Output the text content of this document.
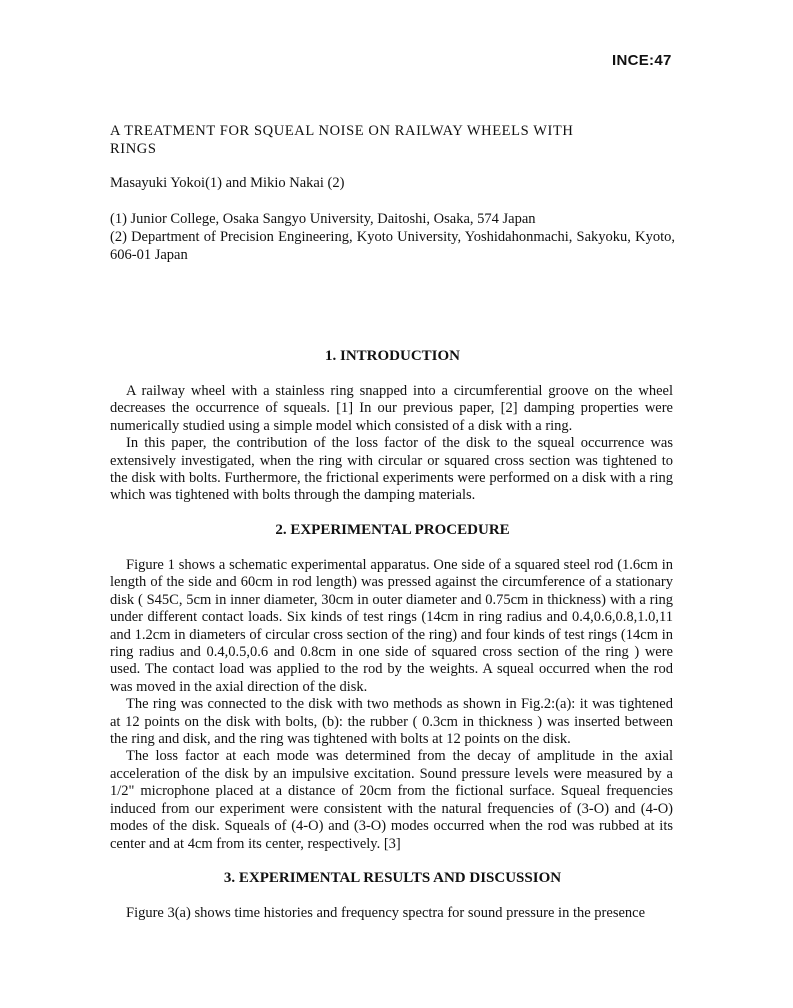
INCE:47
A TREATMENT FOR SQUEAL NOISE ON RAILWAY WHEELS WITH RINGS
Masayuki Yokoi(1) and Mikio Nakai (2)
(1) Junior College, Osaka Sangyo University, Daitoshi, Osaka, 574 Japan
(2) Department of Precision Engineering, Kyoto University, Yoshidahonmachi, Sakyoku, Kyoto, 606-01 Japan
1. INTRODUCTION

A railway wheel with a stainless ring snapped into a circumferential groove on the wheel decreases the occurrence of squeals. [1] In our previous paper, [2] damping properties were numerically studied using a simple model which consisted of a disk with a ring.

In this paper, the contribution of the loss factor of the disk to the squeal occurrence was extensively investigated, when the ring with circular or squared cross section was tightened to the disk with bolts. Furthermore, the frictional experiments were performed on a disk with a ring which was tightened with bolts through the damping materials.

2. EXPERIMENTAL PROCEDURE

Figure 1 shows a schematic experimental apparatus. One side of a squared steel rod (1.6cm in length of the side and 60cm in rod length) was pressed against the circumference of a stationary disk ( S45C, 5cm in inner diameter, 30cm in outer diameter and 0.75cm in thickness) with a ring under different contact loads. Six kinds of test rings (14cm in ring radius and 0.4,0.6,0.8,1.0,11 and 1.2cm in diameters of circular cross section of the ring) and four kinds of test rings (14cm in ring radius and 0.4,0.5,0.6 and 0.8cm in one side of squared cross section of the ring ) were used. The contact load was applied to the rod by the weights. A squeal occurred when the rod was moved in the axial direction of the disk.

The ring was connected to the disk with two methods as shown in Fig.2:(a): it was tightened at 12 points on the disk with bolts, (b): the rubber ( 0.3cm in thickness ) was inserted between the ring and disk, and the ring was tightened with bolts at 12 points on the disk.

The loss factor at each mode was determined from the decay of amplitude in the axial acceleration of the disk by an impulsive excitation. Sound pressure levels were measured by a 1/2" microphone placed at a distance of 20cm from the fictional surface. Squeal frequencies induced from our experiment were consistent with the natural frequencies of (3-O) and (4-O) modes of the disk. Squeals of (4-O) and (3-O) modes occurred when the rod was rubbed at its center and at 4cm from its center, respectively. [3]

3. EXPERIMENTAL RESULTS AND DISCUSSION

Figure 3(a) shows time histories and frequency spectra for sound pressure in the presence
